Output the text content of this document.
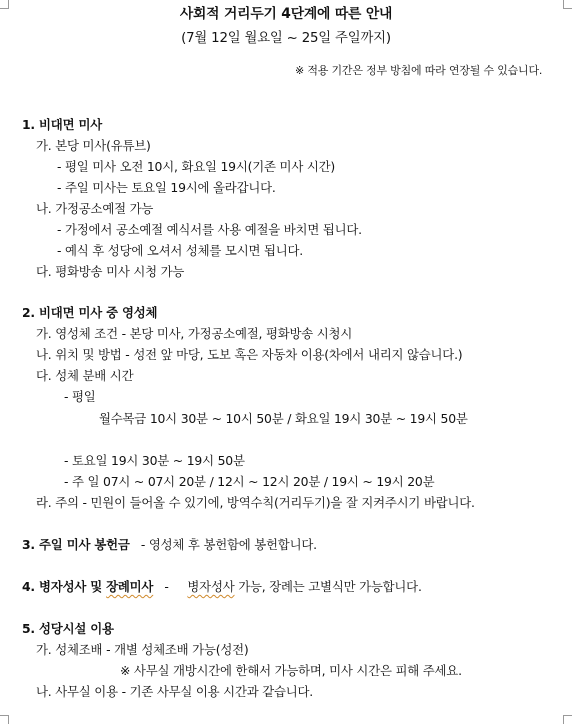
사회적 거리두기 4단계에 따른 안내
(7월 12일 월요일 ~ 25일 주일까지)
※ 적용 기간은 정부 방침에 따라 연장될 수 있습니다.
1. 비대면 미사
가. 본당 미사(유튜브)
- 평일 미사 오전 10시, 화요일 19시(기존 미사 시간)
- 주일 미사는 토요일 19시에 올라갑니다.
나. 가정공소예절 가능
- 가정에서 공소예절 예식서를 사용 예절을 바치면 됩니다.
- 예식 후 성당에 오셔서 성체를 모시면 됩니다.
다. 평화방송 미사 시청 가능
2. 비대면 미사 중 영성체
가. 영성체 조건 - 본당 미사, 가정공소예절, 평화방송 시청시
나. 위치 및 방법 - 성전 앞 마당, 도보 혹은 자동차 이용(차에서 내리지 않습니다.)
다. 성체 분배 시간
- 평일
월수목금 10시 30분 ~ 10시 50분 / 화요일 19시 30분 ~ 19시 50분
- 토요일 19시 30분 ~ 19시 50분
- 주 일 07시 ~ 07시 20분 / 12시 ~ 12시 20분 / 19시 ~ 19시 20분
라. 주의 - 민원이 들어올 수 있기에, 방역수칙(거리두기)을 잘 지켜주시기 바랍니다.
3. 주일 미사 봉헌금 - 영성체 후 봉헌함에 봉헌합니다.
4. 병자성사 및 장례미사 - 병자성사 가능, 장례는 고별식만 가능합니다.
5. 성당시설 이용
가. 성체조배 - 개별 성체조배 가능(성전)
※ 사무실 개방시간에 한해서 가능하며, 미사 시간은 피해 주세요.
나. 사무실 이용 - 기존 사무실 이용 시간과 같습니다.
